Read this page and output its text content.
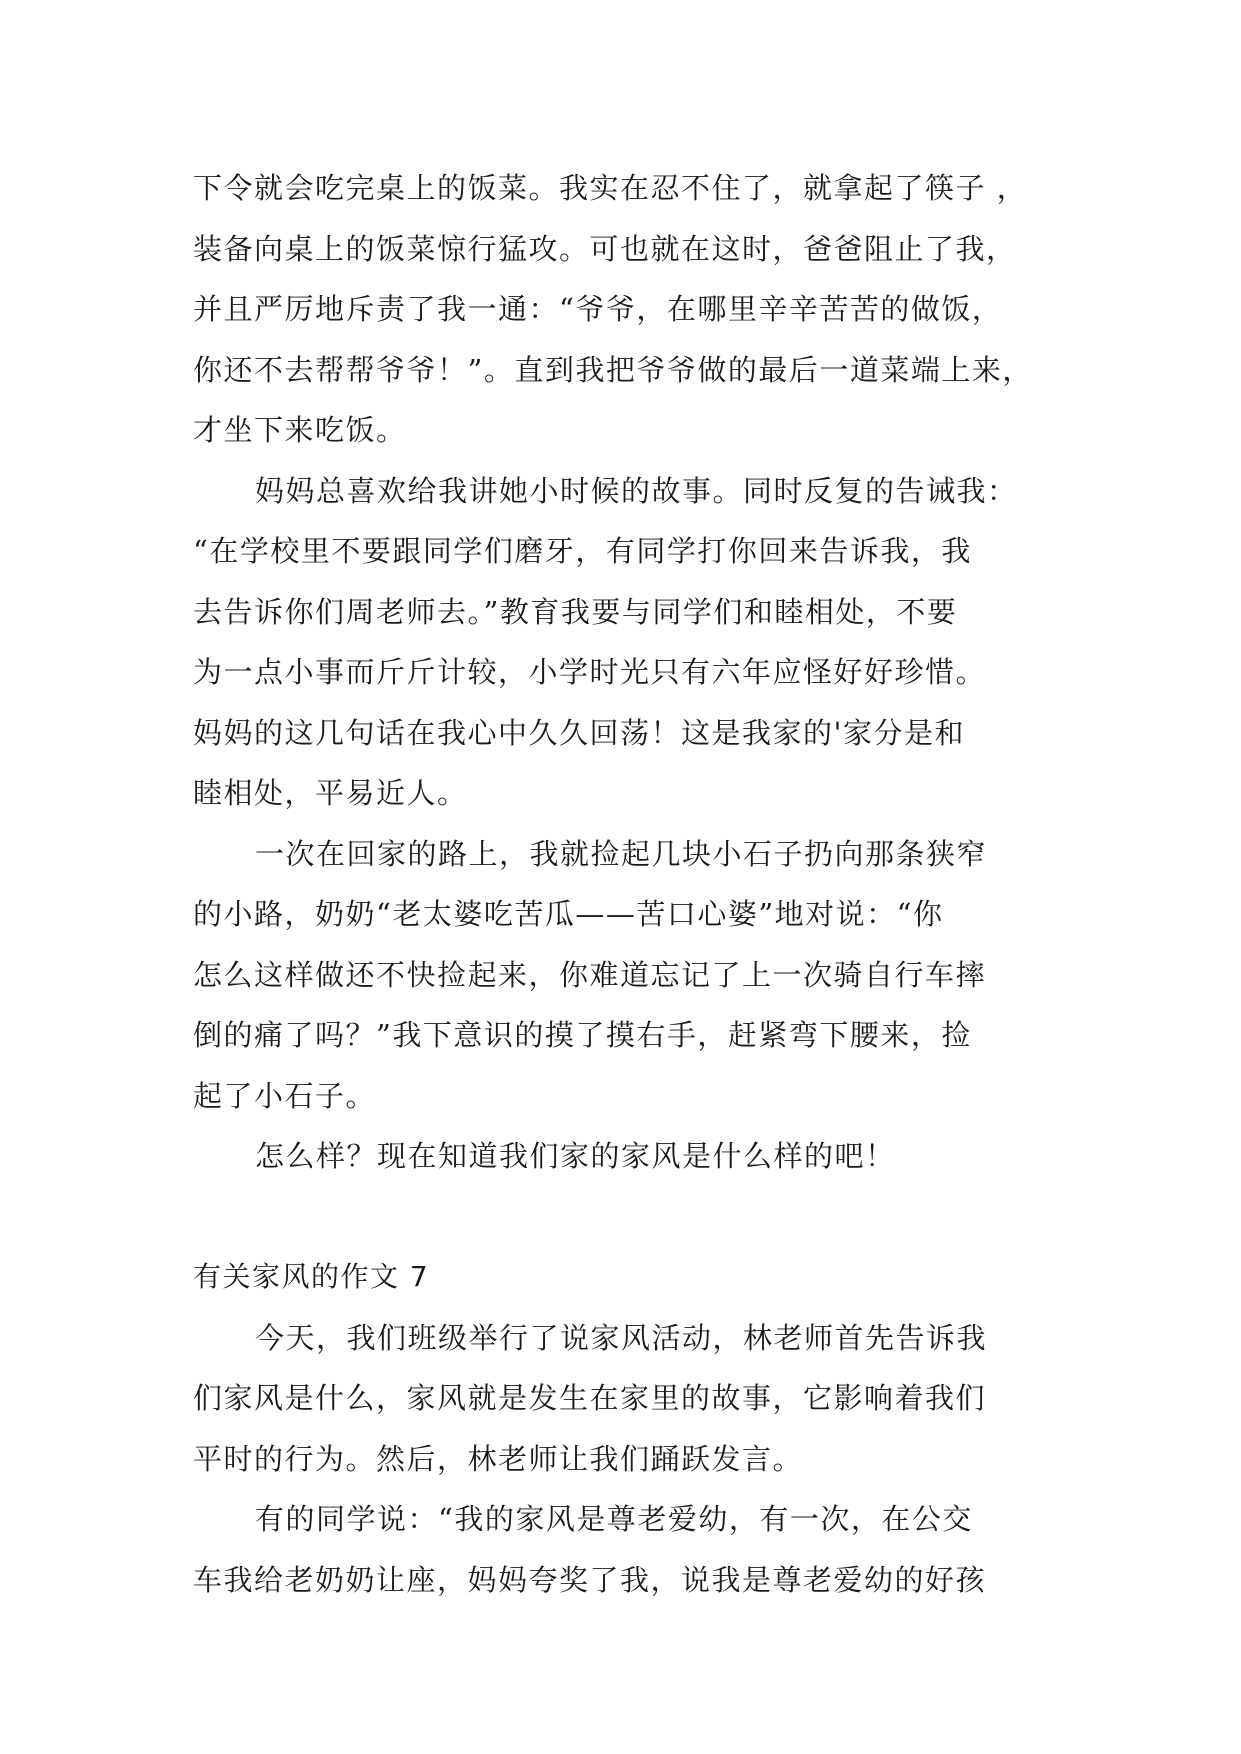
下令就会吃完桌上的饭菜。我实在忍不住了，就拿起了筷子 ，
装备向桌上的饭菜惊行猛攻。可也就在这时，爸爸阻止了我，
并且严厉地斥责了我一通：“爷爷，在哪里辛辛苦苦的做饭，
你还不去帮帮爷爷！”。直到我把爷爷做的最后一道菜端上来，
才坐下来吃饭。
妈妈总喜欢给我讲她小时候的故事。同时反复的告诫我：
“在学校里不要跟同学们磨牙，有同学打你回来告诉我，我
去告诉你们周老师去。”教育我要与同学们和睦相处，不要
为一点小事而斤斤计较，小学时光只有六年应怪好好珍惜。
妈妈的这几句话在我心中久久回荡！这是我家的'家分是和
睦相处，平易近人。
一次在回家的路上，我就捡起几块小石子扔向那条狭窄
的小路，奶奶“老太婆吃苦瓜——苦口心婆”地对说：“你
怎么这样做还不快捡起来，你难道忘记了上一次骑自行车摔
倒的痛了吗？”我下意识的摸了摸右手，赶紧弯下腰来，捡
起了小石子。
怎么样？现在知道我们家的家风是什么样的吧！
有关家风的作文 7
今天，我们班级举行了说家风活动，林老师首先告诉我
们家风是什么，家风就是发生在家里的故事，它影响着我们
平时的行为。然后，林老师让我们踊跃发言。
有的同学说：“我的家风是尊老爱幼，有一次，在公交
车我给老奶奶让座，妈妈夸奖了我，说我是尊老爱幼的好孩
